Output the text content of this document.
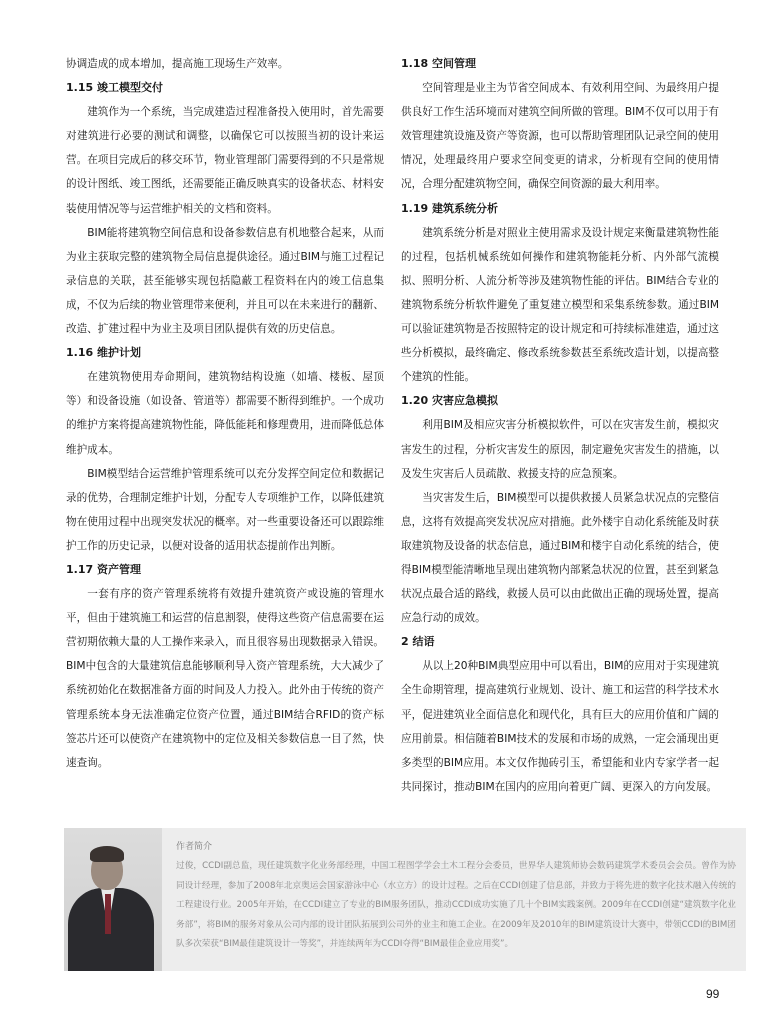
协调造成的成本增加，提高施工现场生产效率。

1.15 竣工模型交付

建筑作为一个系统，当完成建造过程准备投入使用时，首先需要对建筑进行必要的测试和调整，以确保它可以按照当初的设计来运营。在项目完成后的移交环节，物业管理部门需要得到的不只是常规的设计图纸、竣工图纸，还需要能正确反映真实的设备状态、材料安装使用情况等与运营维护相关的文档和资料。

BIM能将建筑物空间信息和设备参数信息有机地整合起来，从而为业主获取完整的建筑物全局信息提供途径。通过BIM与施工过程记录信息的关联，甚至能够实现包括隐蔽工程资料在内的竣工信息集成，不仅为后续的物业管理带来便利，并且可以在未来进行的翻新、改造、扩建过程中为业主及项目团队提供有效的历史信息。

1.16 维护计划

在建筑物使用寿命期间，建筑物结构设施（如墙、楼板、屋顶等）和设备设施（如设备、管道等）都需要不断得到维护。一个成功的维护方案将提高建筑物性能，降低能耗和修理费用，进而降低总体维护成本。

BIM模型结合运营维护管理系统可以充分发挥空间定位和数据记录的优势，合理制定维护计划，分配专人专项维护工作，以降低建筑物在使用过程中出现突发状况的概率。对一些重要设备还可以跟踪维护工作的历史记录，以便对设备的适用状态提前作出判断。

1.17 资产管理

一套有序的资产管理系统将有效提升建筑资产或设施的管理水平，但由于建筑施工和运营的信息割裂，使得这些资产信息需要在运营初期依赖大量的人工操作来录入，而且很容易出现数据录入错误。BIM中包含的大量建筑信息能够顺利导入资产管理系统，大大减少了系统初始化在数据准备方面的时间及人力投入。此外由于传统的资产管理系统本身无法准确定位资产位置，通过BIM结合RFID的资产标签芯片还可以使资产在建筑物中的定位及相关参数信息一目了然，快速查询。

1.18 空间管理

空间管理是业主为节省空间成本、有效利用空间、为最终用户提供良好工作生活环境而对建筑空间所做的管理。BIM不仅可以用于有效管理建筑设施及资产等资源，也可以帮助管理团队记录空间的使用情况，处理最终用户要求空间变更的请求，分析现有空间的使用情况，合理分配建筑物空间，确保空间资源的最大利用率。

1.19 建筑系统分析

建筑系统分析是对照业主使用需求及设计规定来衡量建筑物性能的过程，包括机械系统如何操作和建筑物能耗分析、内外部气流模拟、照明分析、人流分析等涉及建筑物性能的评估。BIM结合专业的建筑物系统分析软件避免了重复建立模型和采集系统参数。通过BIM可以验证建筑物是否按照特定的设计规定和可持续标准建造，通过这些分析模拟，最终确定、修改系统参数甚至系统改造计划，以提高整个建筑的性能。

1.20 灾害应急模拟

利用BIM及相应灾害分析模拟软件，可以在灾害发生前，模拟灾害发生的过程，分析灾害发生的原因，制定避免灾害发生的措施，以及发生灾害后人员疏散、救援支持的应急预案。

当灾害发生后，BIM模型可以提供救援人员紧急状况点的完整信息，这将有效提高突发状况应对措施。此外楼宇自动化系统能及时获取建筑物及设备的状态信息，通过BIM和楼宇自动化系统的结合，使得BIM模型能清晰地呈现出建筑物内部紧急状况的位置，甚至到紧急状况点最合适的路线，救援人员可以由此做出正确的现场处置，提高应急行动的成效。

2 结语

从以上20种BIM典型应用中可以看出，BIM的应用对于实现建筑全生命期管理，提高建筑行业规划、设计、施工和运营的科学技术水平，促进建筑业全面信息化和现代化，具有巨大的应用价值和广阔的应用前景。相信随着BIM技术的发展和市场的成熟，一定会涌现出更多类型的BIM应用。本文仅作抛砖引玉，希望能和业内专家学者一起共同探讨，推动BIM在国内的应用向着更广阔、更深入的方向发展。

作者简介
过俊，CCDI副总监，现任建筑数字化业务部经理，中国工程图学学会土木工程分会委员，世界华人建筑师协会数码建筑学术委员会会员。曾作为协同设计经理，参加了2008年北京奥运会国家游泳中心（水立方）的设计过程。之后在CCDI创建了信息部，并致力于将先进的数字化技术融入传统的工程建设行业。2005年开始，在CCDI建立了专业的BIM服务团队，推动CCDI成功实施了几十个BIM实践案例。2009年在CCDI创建“建筑数字化业务部”，将BIM的服务对象从公司内部的设计团队拓展到公司外的业主和施工企业。在2009年及2010年的BIM建筑设计大赛中，带领CCDI的BIM团队多次荣获“BIM最佳建筑设计一等奖”，并连续两年为CCDI夺得“BIM最佳企业应用奖”。
99
